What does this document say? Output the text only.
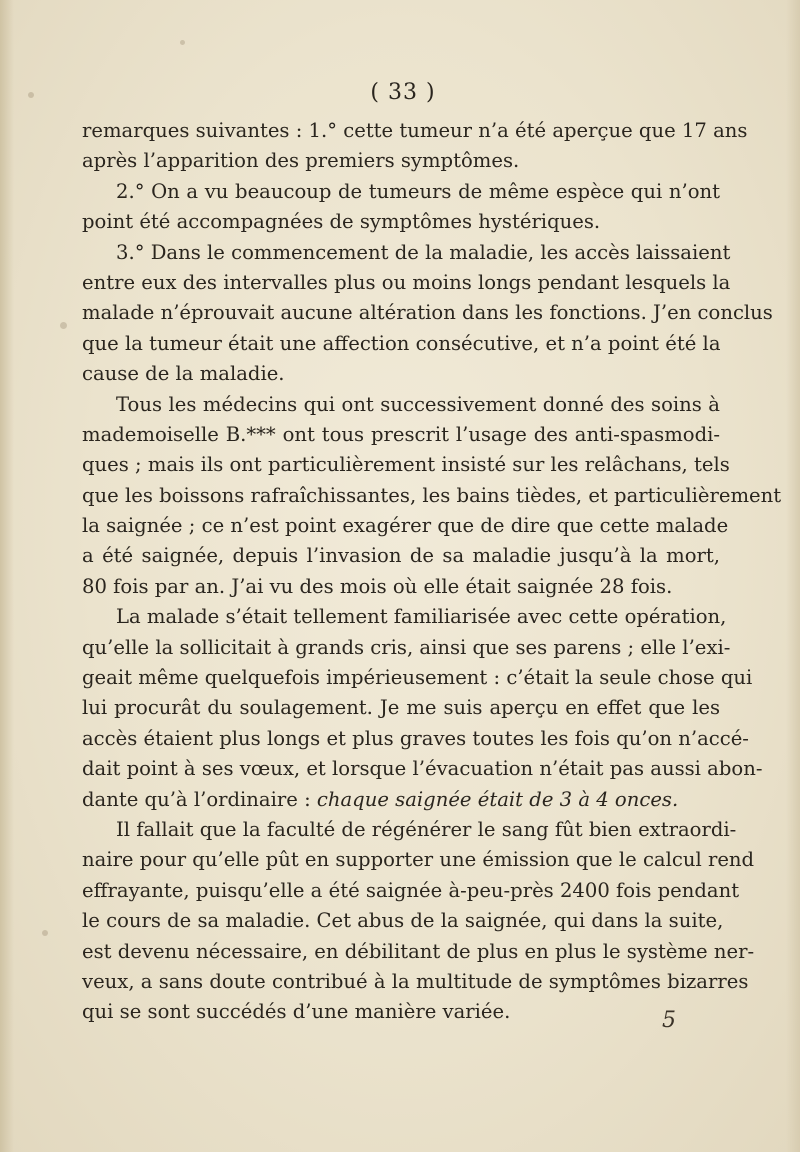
( 33 )
remarques suivantes : 1.° cette tumeur n’a été aperçue que 17 ans
après l’apparition des premiers symptômes.
2.° On a vu beaucoup de tumeurs de même espèce qui n’ont
point été accompagnées de symptômes hystériques.
3.° Dans le commencement de la maladie, les accès laissaient
entre eux des intervalles plus ou moins longs pendant lesquels la
malade n’éprouvait aucune altération dans les fonctions. J’en conclus
que la tumeur était une affection consécutive, et n’a point été la
cause de la maladie.
Tous les médecins qui ont successivement donné des soins à
mademoiselle B.*** ont tous prescrit l’usage des anti-spasmodi-
ques ; mais ils ont particulièrement insisté sur les relâchans, tels
que les boissons rafraîchissantes, les bains tièdes, et particulièrement
la saignée ; ce n’est point exagérer que de dire que cette malade
a été saignée, depuis l’invasion de sa maladie jusqu’à la mort,
80 fois par an. J’ai vu des mois où elle était saignée 28 fois.
La malade s’était tellement familiarisée avec cette opération,
qu’elle la sollicitait à grands cris, ainsi que ses parens ; elle l’exi-
geait même quelquefois impérieusement : c’était la seule chose qui
lui procurât du soulagement. Je me suis aperçu en effet que les
accès étaient plus longs et plus graves toutes les fois qu’on n’accé-
dait point à ses vœux, et lorsque l’évacuation n’était pas aussi abon-
dante qu’à l’ordinaire : chaque saignée était de 3 à 4 onces.
Il fallait que la faculté de régénérer le sang fût bien extraordi-
naire pour qu’elle pût en supporter une émission que le calcul rend
effrayante, puisqu’elle a été saignée à-peu-près 2400 fois pendant
le cours de sa maladie. Cet abus de la saignée, qui dans la suite,
est devenu nécessaire, en débilitant de plus en plus le système ner-
veux, a sans doute contribué à la multitude de symptômes bizarres
qui se sont succédés d’une manière variée.	5
